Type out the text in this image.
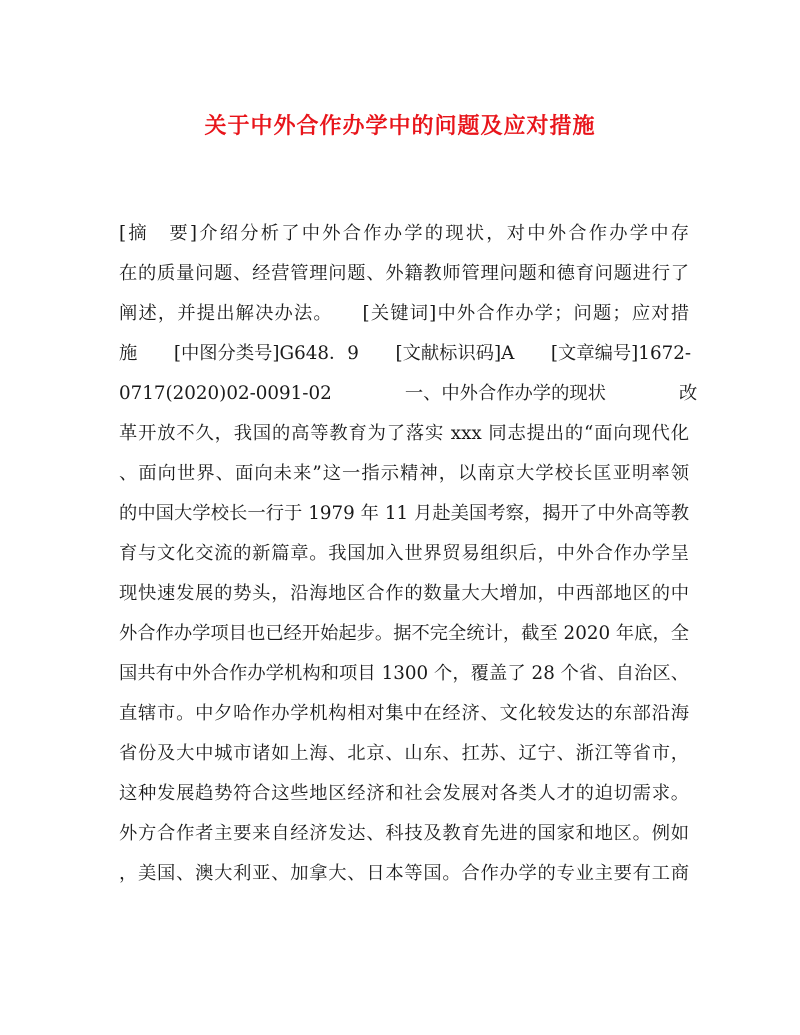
关于中外合作办学中的问题及应对措施
[摘　要]介绍分析了中外合作办学的现状，对中外合作办学中存
在的质量问题、经营管理问题、外籍教师管理问题和德育问题进行了
阐述，并提出解决办法。　　[关键词]中外合作办学；问题；应对措
施　　[中图分类号]G648．9　　[文献标识码]A　　[文章编号]1672-
0717(2020)02-0091-02　　　　一、中外合作办学的现状　　　　改
革开放不久，我国的高等教育为了落实 xxx 同志提出的“面向现代化
、面向世界、面向未来”这一指示精神，以南京大学校长匡亚明率领
的中国大学校长一行于 1979 年 11 月赴美国考察，揭开了中外高等教
育与文化交流的新篇章。我国加入世界贸易组织后，中外合作办学呈
现快速发展的势头，沿海地区合作的数量大大增加，中西部地区的中
外合作办学项目也已经开始起步。据不完全统计，截至 2020 年底，全
国共有中外合作办学机构和项目 1300 个，覆盖了 28 个省、自治区、
直辖市。中夕哈作办学机构相对集中在经济、文化较发达的东部沿海
省份及大中城市诸如上海、北京、山东、扛苏、辽宁、浙江等省市，
这种发展趋势符合这些地区经济和社会发展对各类人才的迫切需求。
外方合作者主要来自经济发达、科技及教育先进的国家和地区。例如
，美国、澳大利亚、加拿大、日本等国。合作办学的专业主要有工商
